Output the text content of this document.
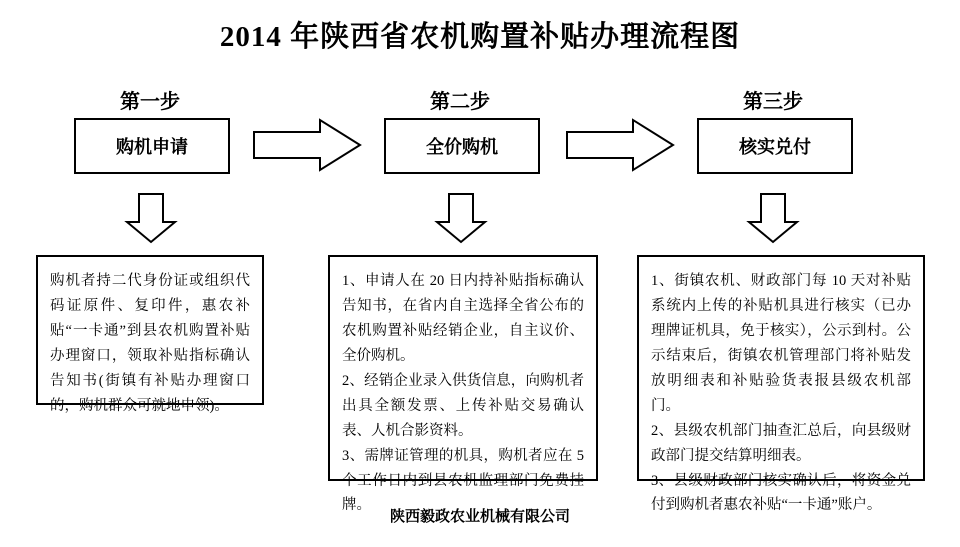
2014 年陕西省农机购置补贴办理流程图
第一步	第二步	第三步
购机申请	全价购机	核实兑付

购机者持二代身份证或组织代码证原件、复印件，惠农补贴“一卡通”到县农机购置补贴办理窗口，领取补贴指标确认告知书(街镇有补贴办理窗口的，购机群众可就地申领)。

1、申请人在 20 日内持补贴指标确认告知书，在省内自主选择全省公布的农机购置补贴经销企业，自主议价、全价购机。

2、经销企业录入供货信息，向购机者出具全额发票、上传补贴交易确认表、人机合影资料。

3、需牌证管理的机具，购机者应在 5 个工作日内到县农机监理部门免费挂牌。

1、街镇农机、财政部门每 10 天对补贴系统内上传的补贴机具进行核实（已办理牌证机具，免于核实），公示到村。公示结束后，街镇农机管理部门将补贴发放明细表和补贴验货表报县级农机部门。

2、县级农机部门抽查汇总后，向县级财政部门提交结算明细表。

3、县级财政部门核实确认后，将资金兑付到购机者惠农补贴“一卡通”账户。

陕西毅政农业机械有限公司
